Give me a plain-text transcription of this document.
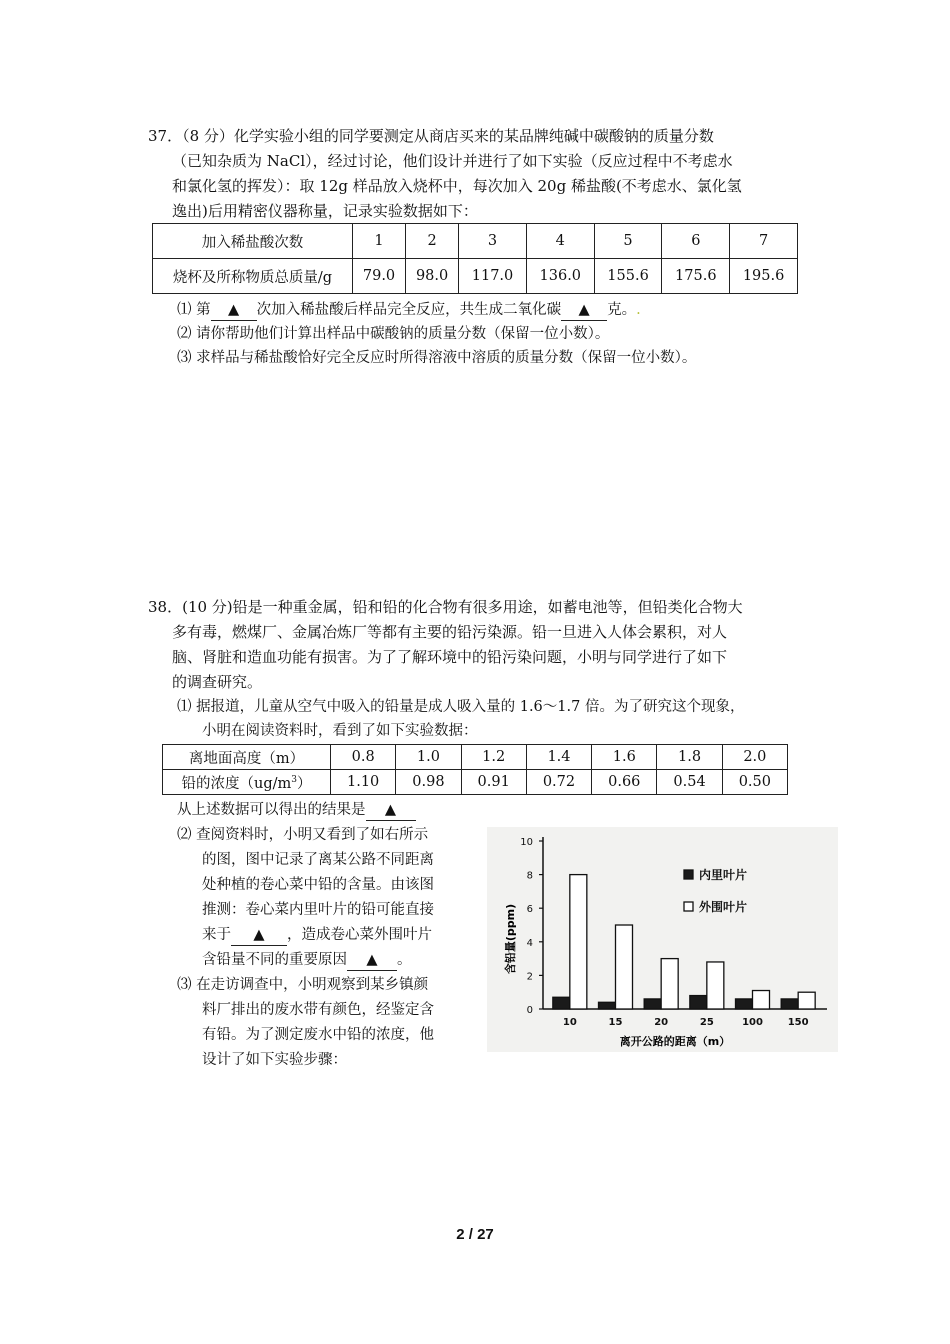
37．（8 分）化学实验小组的同学要测定从商店买来的某品牌纯碱中碳酸钠的质量分数
（已知杂质为 NaCl），经过讨论，他们设计并进行了如下实验（反应过程中不考虑水
和氯化氢的挥发）：取 12g 样品放入烧杯中，每次加入 20g 稀盐酸(不考虑水、氯化氢
逸出)后用精密仪器称量，记录实验数据如下：
加入稀盐酸次数	1	2	3	4	5	6	7
烧杯及所称物质总质量/g	79.0	98.0	117.0	136.0	155.6	175.6	195.6
⑴ 第 ▲ 次加入稀盐酸后样品完全反应，共生成二氧化碳 ▲ 克。.
⑵ 请你帮助他们计算出样品中碳酸钠的质量分数（保留一位小数）。
⑶ 求样品与稀盐酸恰好完全反应时所得溶液中溶质的质量分数（保留一位小数）。
38．(10 分)铅是一种重金属，铅和铅的化合物有很多用途，如蓄电池等，但铅类化合物大
多有毒，燃煤厂、金属冶炼厂等都有主要的铅污染源。铅一旦进入人体会累积，对人
脑、肾脏和造血功能有损害。为了了解环境中的铅污染问题，小明与同学进行了如下
的调查研究。
⑴ 据报道，儿童从空气中吸入的铅量是成人吸入量的 1.6～1.7 倍。为了研究这个现象，
小明在阅读资料时，看到了如下实验数据：
离地面高度（m）	0.8	1.0	1.2	1.4	1.6	1.8	2.0
铅的浓度$(ug/m^3)$	1.10	0.98	0.91	0.72	0.66	0.54	0.50
从上述数据可以得出的结果是 ▲
⑵ 查阅资料时，小明又看到了如右所示
的图，图中记录了离某公路不同距离
处种植的卷心菜中铅的含量。由该图
推测：卷心菜内里叶片的铅可能直接
来于 ▲ ，造成卷心菜外围叶片
含铅量不同的重要原因 ▲ 。
⑶ 在走访调查中，小明观察到某乡镇颜
料厂排出的废水带有颜色，经鉴定含
有铅。为了测定废水中铅的浓度，他
设计了如下实验步骤：
0
2
4
6
8
10
10	15	20	25	100 150
内里叶片
外围叶片
含铅量(ppm)
离开公路的距离（m）
2 / 27
